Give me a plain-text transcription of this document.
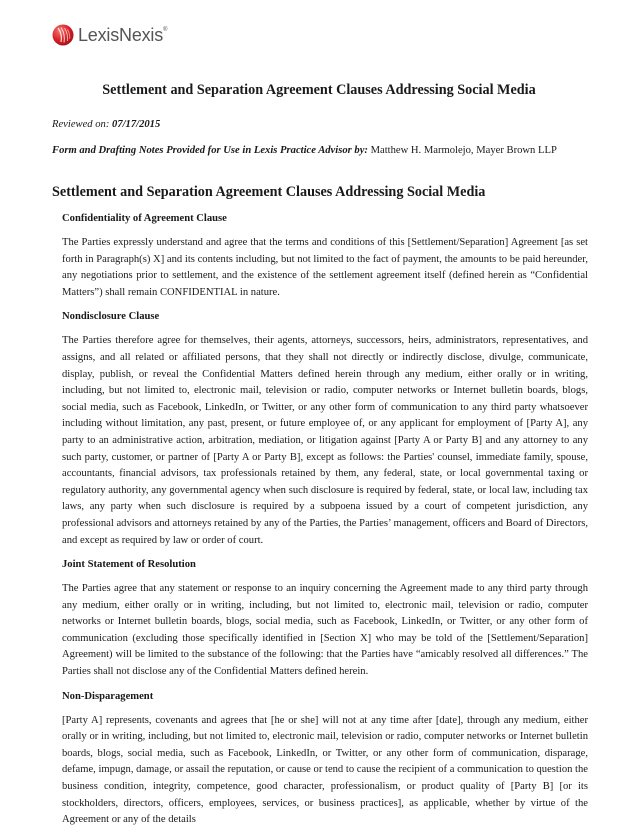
LexisNexis®
Settlement and Separation Agreement Clauses Addressing Social Media

Reviewed on: 07/17/2015

Form and Drafting Notes Provided for Use in Lexis Practice Advisor by: Matthew H. Marmolejo, Mayer Brown LLP

Settlement and Separation Agreement Clauses Addressing Social Media

Confidentiality of Agreement Clause

The Parties expressly understand and agree that the terms and conditions of this [Settlement/Separation] Agreement [as set forth in Paragraph(s) X] and its contents including, but not limited to the fact of payment, the amounts to be paid hereunder, any negotiations prior to settlement, and the existence of the settlement agreement itself (defined herein as “Confidential Matters”) shall remain CONFIDENTIAL in nature.

Nondisclosure Clause

The Parties therefore agree for themselves, their agents, attorneys, successors, heirs, administrators, representatives, and assigns, and all related or affiliated persons, that they shall not directly or indirectly disclose, divulge, communicate, display, publish, or reveal the Confidential Matters defined herein through any medium, either orally or in writing, including, but not limited to, electronic mail, television or radio, computer networks or Internet bulletin boards, blogs, social media, such as Facebook, LinkedIn, or Twitter, or any other form of communication to any third party whatsoever including without limitation, any past, present, or future employee of, or any applicant for employment of [Party A], any party to an administrative action, arbitration, mediation, or litigation against [Party A or Party B] and any attorney to any such party, customer, or partner of [Party A or Party B], except as follows: the Parties' counsel, immediate family, spouse, accountants, financial advisors, tax professionals retained by them, any federal, state, or local governmental taxing or regulatory authority, any governmental agency when such disclosure is required by federal, state, or local law, including tax laws, any party when such disclosure is required by a subpoena issued by a court of competent jurisdiction, any professional advisors and attorneys retained by any of the Parties, the Parties’ management, officers and Board of Directors, and except as required by law or order of court.

Joint Statement of Resolution

The Parties agree that any statement or response to an inquiry concerning the Agreement made to any third party through any medium, either orally or in writing, including, but not limited to, electronic mail, television or radio, computer networks or Internet bulletin boards, blogs, social media, such as Facebook, LinkedIn, or Twitter, or any other form of communication (excluding those specifically identified in [Section X] who may be told of the [Settlement/Separation] Agreement) will be limited to the substance of the following: that the Parties have “amicably resolved all differences.” The Parties shall not disclose any of the Confidential Matters defined herein.

Non-Disparagement

[Party A] represents, covenants and agrees that [he or she] will not at any time after [date], through any medium, either orally or in writing, including, but not limited to, electronic mail, television or radio, computer networks or Internet bulletin boards, blogs, social media, such as Facebook, LinkedIn, or Twitter, or any other form of communication, disparage, defame, impugn, damage, or assail the reputation, or cause or tend to cause the recipient of a communication to question the business condition, integrity, competence, good character, professionalism, or product quality of [Party B] [or its stockholders, directors, officers, employees, services, or business practices], as applicable, whether by virtue of the Agreement or any of the details
